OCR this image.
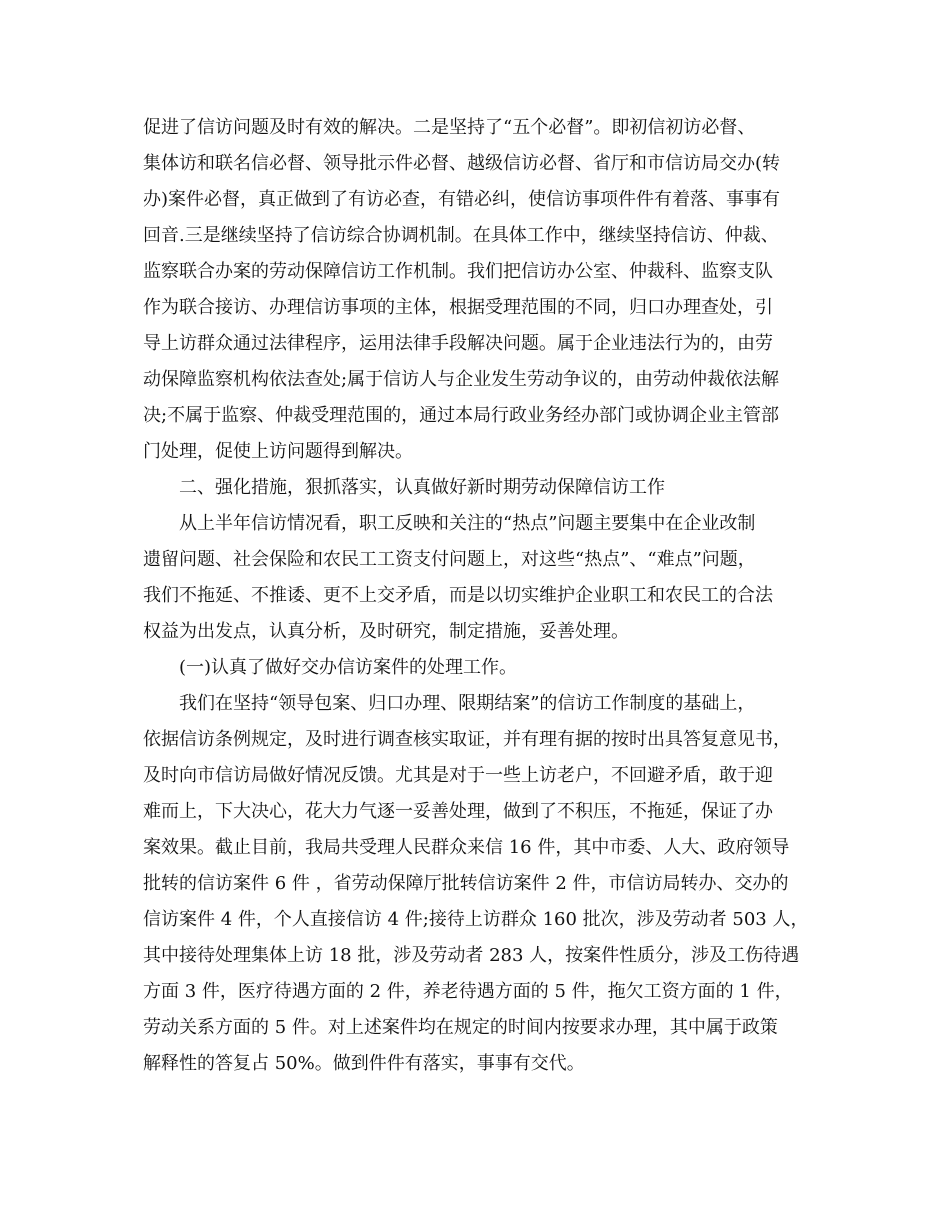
促进了信访问题及时有效的解决。二是坚持了“五个必督”。即初信初访必督、
集体访和联名信必督、领导批示件必督、越级信访必督、省厅和市信访局交办(转
办)案件必督，真正做到了有访必查，有错必纠，使信访事项件件有着落、事事有
回音.三是继续坚持了信访综合协调机制。在具体工作中，继续坚持信访、仲裁、
监察联合办案的劳动保障信访工作机制。我们把信访办公室、仲裁科、监察支队
作为联合接访、办理信访事项的主体，根据受理范围的不同，归口办理查处，引
导上访群众通过法律程序，运用法律手段解决问题。属于企业违法行为的，由劳
动保障监察机构依法查处;属于信访人与企业发生劳动争议的，由劳动仲裁依法解
决;不属于监察、仲裁受理范围的，通过本局行政业务经办部门或协调企业主管部
门处理，促使上访问题得到解决。
二、强化措施，狠抓落实，认真做好新时期劳动保障信访工作
从上半年信访情况看，职工反映和关注的“热点”问题主要集中在企业改制
遗留问题、社会保险和农民工工资支付问题上，对这些“热点”、“难点”问题，
我们不拖延、不推诿、更不上交矛盾，而是以切实维护企业职工和农民工的合法
权益为出发点，认真分析，及时研究，制定措施，妥善处理。
(一)认真了做好交办信访案件的处理工作。
我们在坚持“领导包案、归口办理、限期结案”的信访工作制度的基础上，
依据信访条例规定，及时进行调查核实取证，并有理有据的按时出具答复意见书，
及时向市信访局做好情况反馈。尤其是对于一些上访老户，不回避矛盾，敢于迎
难而上，下大决心，花大力气逐一妥善处理，做到了不积压，不拖延，保证了办
案效果。截止目前，我局共受理人民群众来信 16 件，其中市委、人大、政府领导
批转的信访案件 6 件 ，省劳动保障厅批转信访案件 2 件，市信访局转办、交办的
信访案件 4 件，个人直接信访 4 件;接待上访群众 160 批次，涉及劳动者 503 人，
其中接待处理集体上访 18 批，涉及劳动者 283 人，按案件性质分，涉及工伤待遇
方面 3 件，医疗待遇方面的 2 件，养老待遇方面的 5 件，拖欠工资方面的 1 件，
劳动关系方面的 5 件。对上述案件均在规定的时间内按要求办理，其中属于政策
解释性的答复占 50%。做到件件有落实，事事有交代。
